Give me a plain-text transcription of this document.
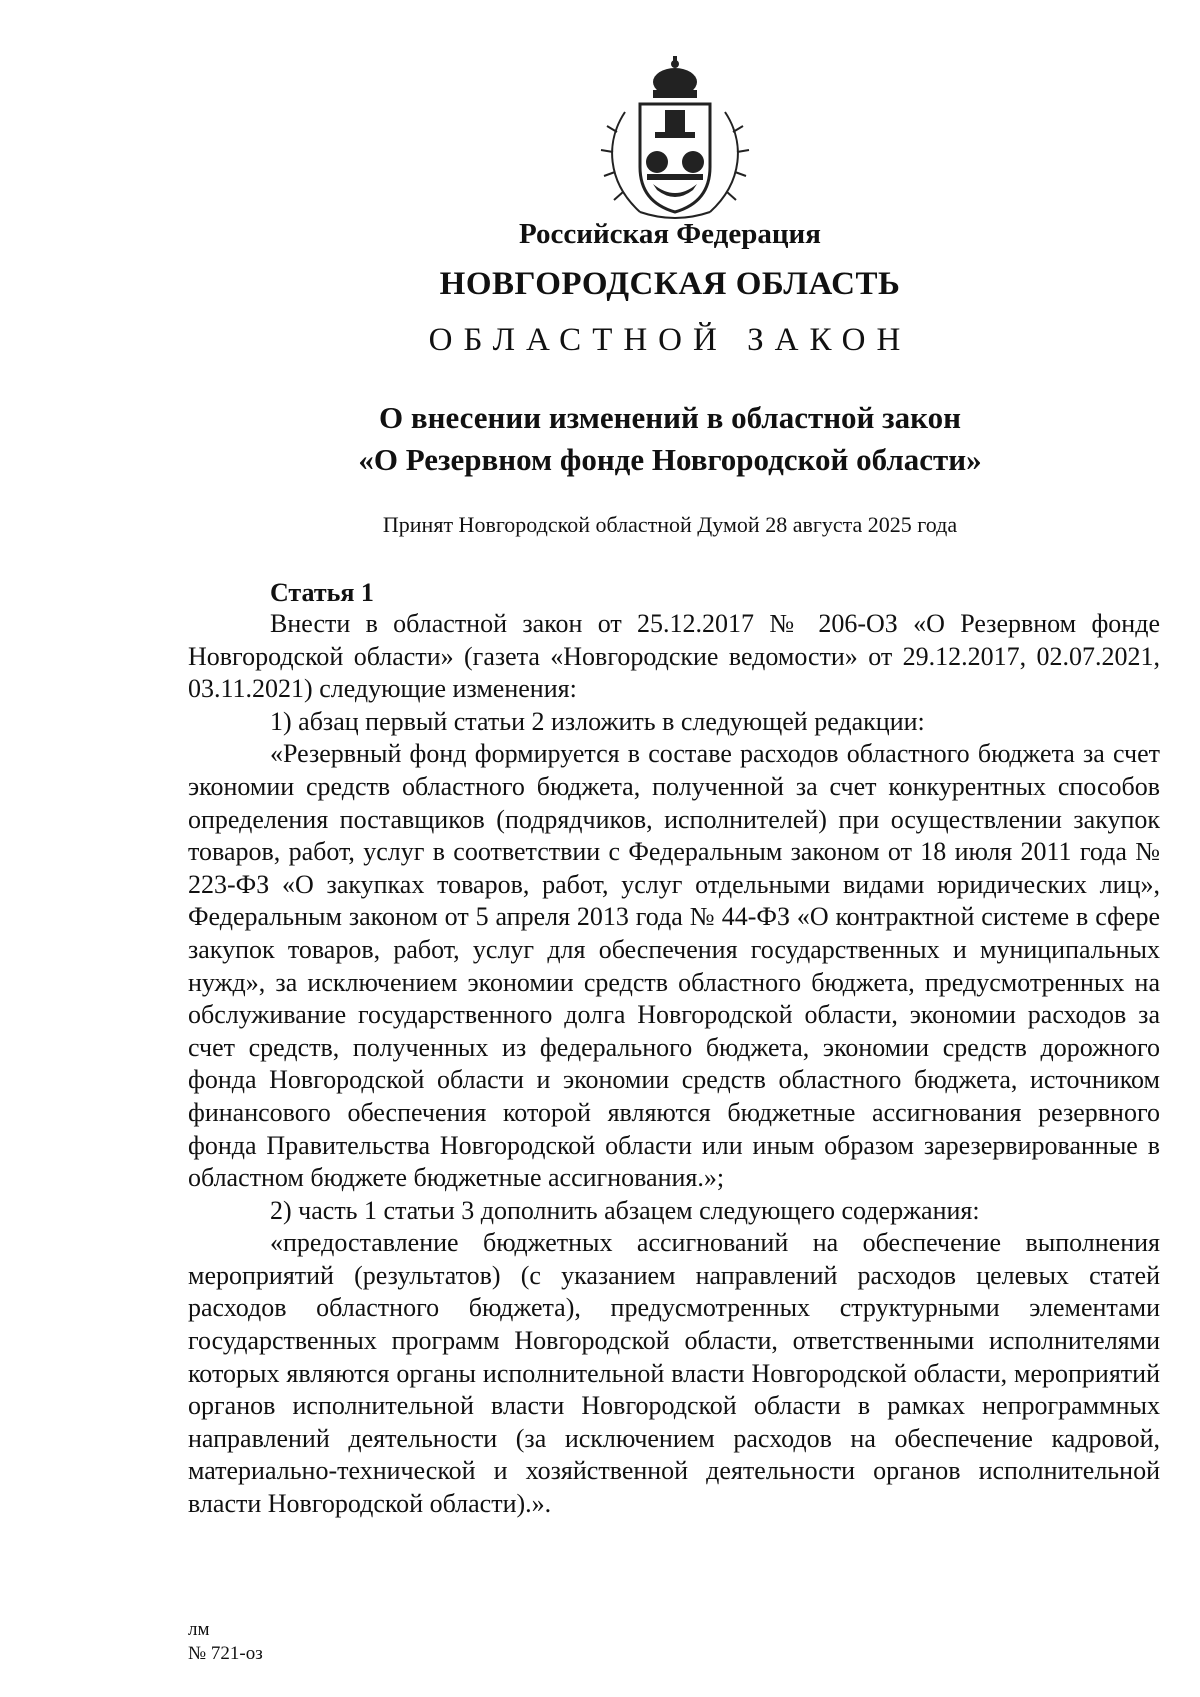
Российская Федерация
НОВГОРОДСКАЯ ОБЛАСТЬ
ОБЛАСТНОЙ ЗАКОН
О внесении изменений в областной закон
«О Резервном фонде Новгородской области»
Принят Новгородской областной Думой 28 августа 2025 года
Статья 1

Внести в областной закон от 25.12.2017 № 206-ОЗ «О Резервном фонде Новгородской области» (газета «Новгородские ведомости» от 29.12.2017, 02.07.2021, 03.11.2021) следующие изменения:

1) абзац первый статьи 2 изложить в следующей редакции:

«Резервный фонд формируется в составе расходов областного бюджета за счет экономии средств областного бюджета, полученной за счет конкурентных способов определения поставщиков (подрядчиков, исполнителей) при осуществлении закупок товаров, работ, услуг в соответствии с Федеральным законом от 18 июля 2011 года № 223-ФЗ «О закупках товаров, работ, услуг отдельными видами юридических лиц», Федеральным законом от 5 апреля 2013 года № 44-ФЗ «О контрактной системе в сфере закупок товаров, работ, услуг для обеспечения государственных и муниципальных нужд», за исключением экономии средств областного бюджета, предусмотренных на обслуживание государственного долга Новгородской области, экономии расходов за счет средств, полученных из федерального бюджета, экономии средств дорожного фонда Новгородской области и экономии средств областного бюджета, источником финансового обеспечения которой являются бюджетные ассигнования резервного фонда Правительства Новгородской области или иным образом зарезервированные в областном бюджете бюджетные ассигнования.»;

2) часть 1 статьи 3 дополнить абзацем следующего содержания:

«предоставление бюджетных ассигнований на обеспечение выполнения мероприятий (результатов) (с указанием направлений расходов целевых статей расходов областного бюджета), предусмотренных структурными элементами государственных программ Новгородской области, ответственными исполнителями которых являются органы исполнительной власти Новгородской области, мероприятий органов исполнительной власти Новгородской области в рамках непрограммных направлений деятельности (за исключением расходов на обеспечение кадровой, материально-технической и хозяйственной деятельности органов исполнительной власти Новгородской области).».

лм
№ 721-оз
